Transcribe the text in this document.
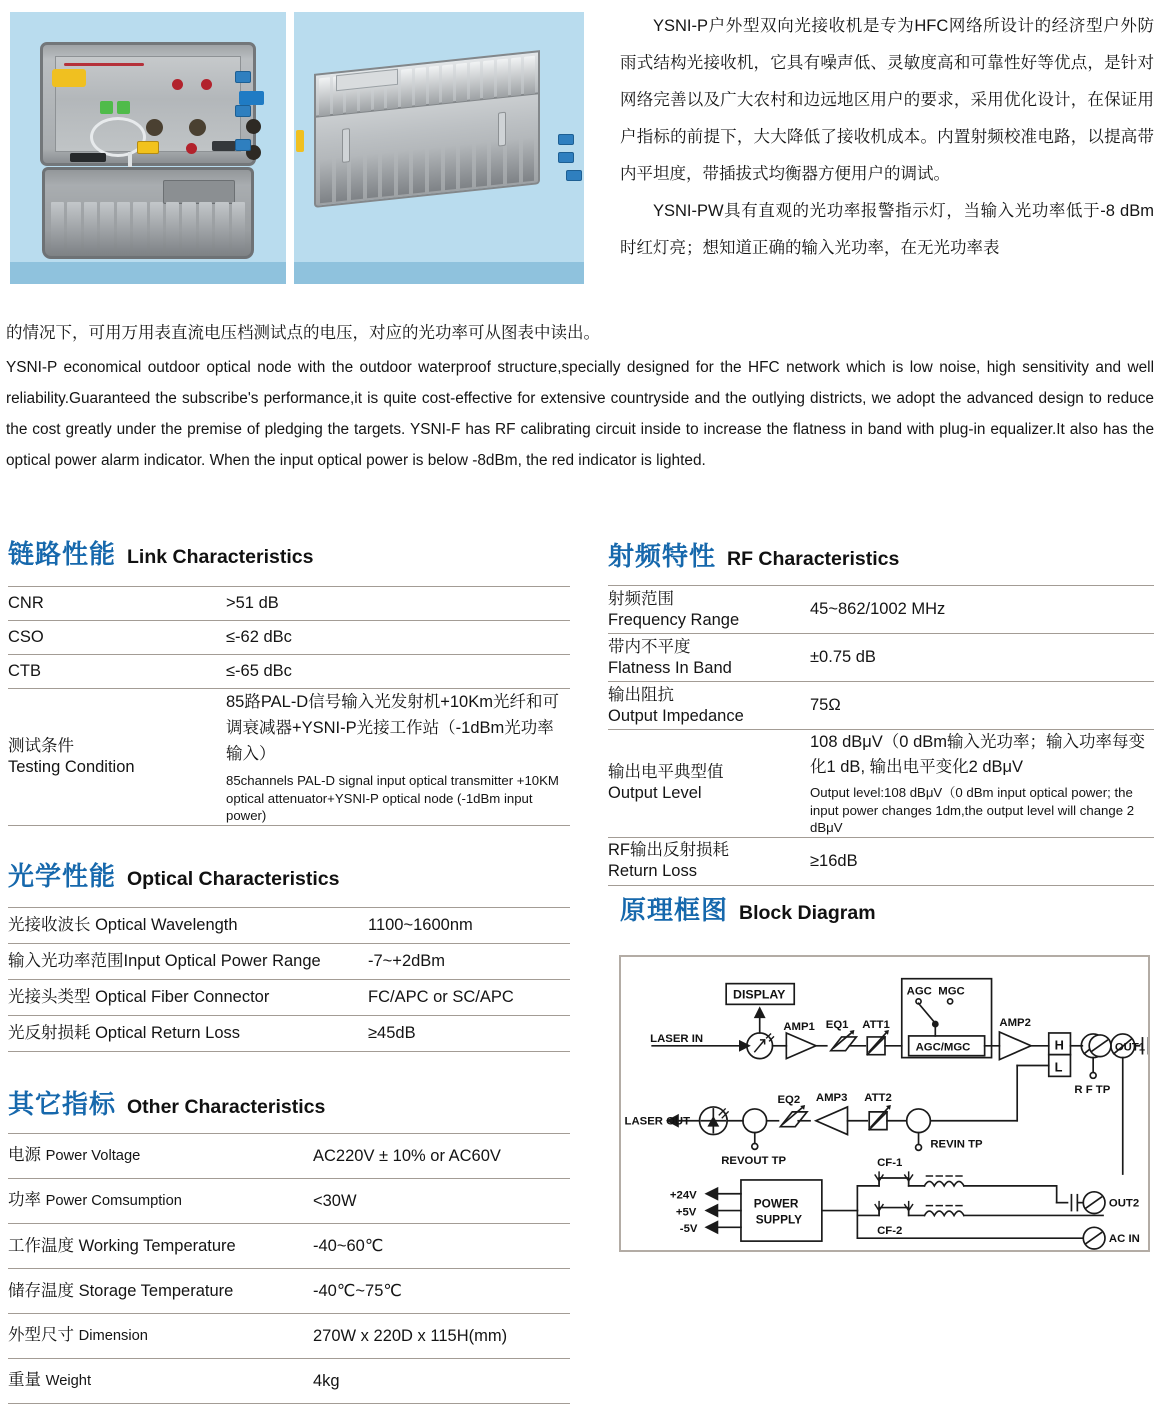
YSNI-P户外型双向光接收机是专为HFC网络所设计的经济型户外防雨式结构光接收机，它具有噪声低、灵敏度高和可靠性好等优点，是针对网络完善以及广大农村和边远地区用户的要求，采用优化设计，在保证用户指标的前提下，大大降低了接收机成本。内置射频校准电路，以提高带内平坦度，带插拔式均衡器方便用户的调试。

YSNI-PW具有直观的光功率报警指示灯，当输入光功率低于-8 dBm时红灯亮；想知道正确的输入光功率，在无光功率表

的情况下，可用万用表直流电压档测试点的电压，对应的光功率可从图表中读出。
YSNI-P economical outdoor optical node with the outdoor waterproof structure,specially designed for the HFC network which is low noise, high sensitivity and well reliability.Guaranteed the subscribe's performance,it is quite cost-effective for extensive countryside and the outlying districts, we adopt the advanced design to reduce the cost greatly under the premise of pledging the targets. YSNI-F has RF calibrating circuit inside to increase the flatness in band with plug-in equalizer.It also has the optical power alarm indicator. When the input optical power is below -8dBm, the red indicator is lighted.
链路性能 Link Characteristics
CNR	>51 dB

CSO	≤-62 dBc

CTB	≤-65 dBc

测试条件
Testing Condition	85路PAL-D信号输入光发射机+10Km光纤和可调衰减器+YSNI-P光接工作站（-1dBm光功率输入）
85channels PAL-D signal input optical transmitter +10KM optical attenuator+YSNI-P optical node (-1dBm input power)
射频特性 RF Characteristics
射频范围
Frequency Range	45~862/1002 MHz

带内不平度
Flatness In Band	±0.75 dB

输出阻抗
Output Impedance	75Ω

输出电平典型值
Output Level	108 dBμV（0 dBm输入光功率；输入功率每变化1 dB, 输出电平变化2 dBμV
Output level:108 dBμV（0 dBm input optical power; the input power changes 1dm,the output level will change 2 dBμV

RF输出反射损耗
Return Loss	≥16dB
光学性能 Optical Characteristics
光接收波长 Optical Wavelength	1100~1600nm
输入光功率范围Input Optical Power Range	-7~+2dBm
光接头类型 Optical Fiber Connector	FC/APC or SC/APC
光反射损耗 Optical Return Loss	≥45dB
其它指标 Other Characteristics
电源 Power Voltage	AC220V ± 10% or AC60V
功率 Power Comsumption	<30W
工作温度 Working Temperature	-40~60℃
储存温度 Storage Temperature	-40℃~75℃
外型尺寸 Dimension	270W x 220D x 115H(mm)
重量 Weight	4kg
原理框图 Block Diagram
LASER IN
DISPLAY
AMP1 EQ1 ATT1
AGC MGC
AGC/MGC
AMP2
H
L
R F TP
OUT1
LASER OUT
EQ2 AMP3 ATT2
REVOUT TP
REVIN TP
CF-1
CF-2
POWER
SUPPLY
+24V
+5V
-5V
OUT2
AC IN
